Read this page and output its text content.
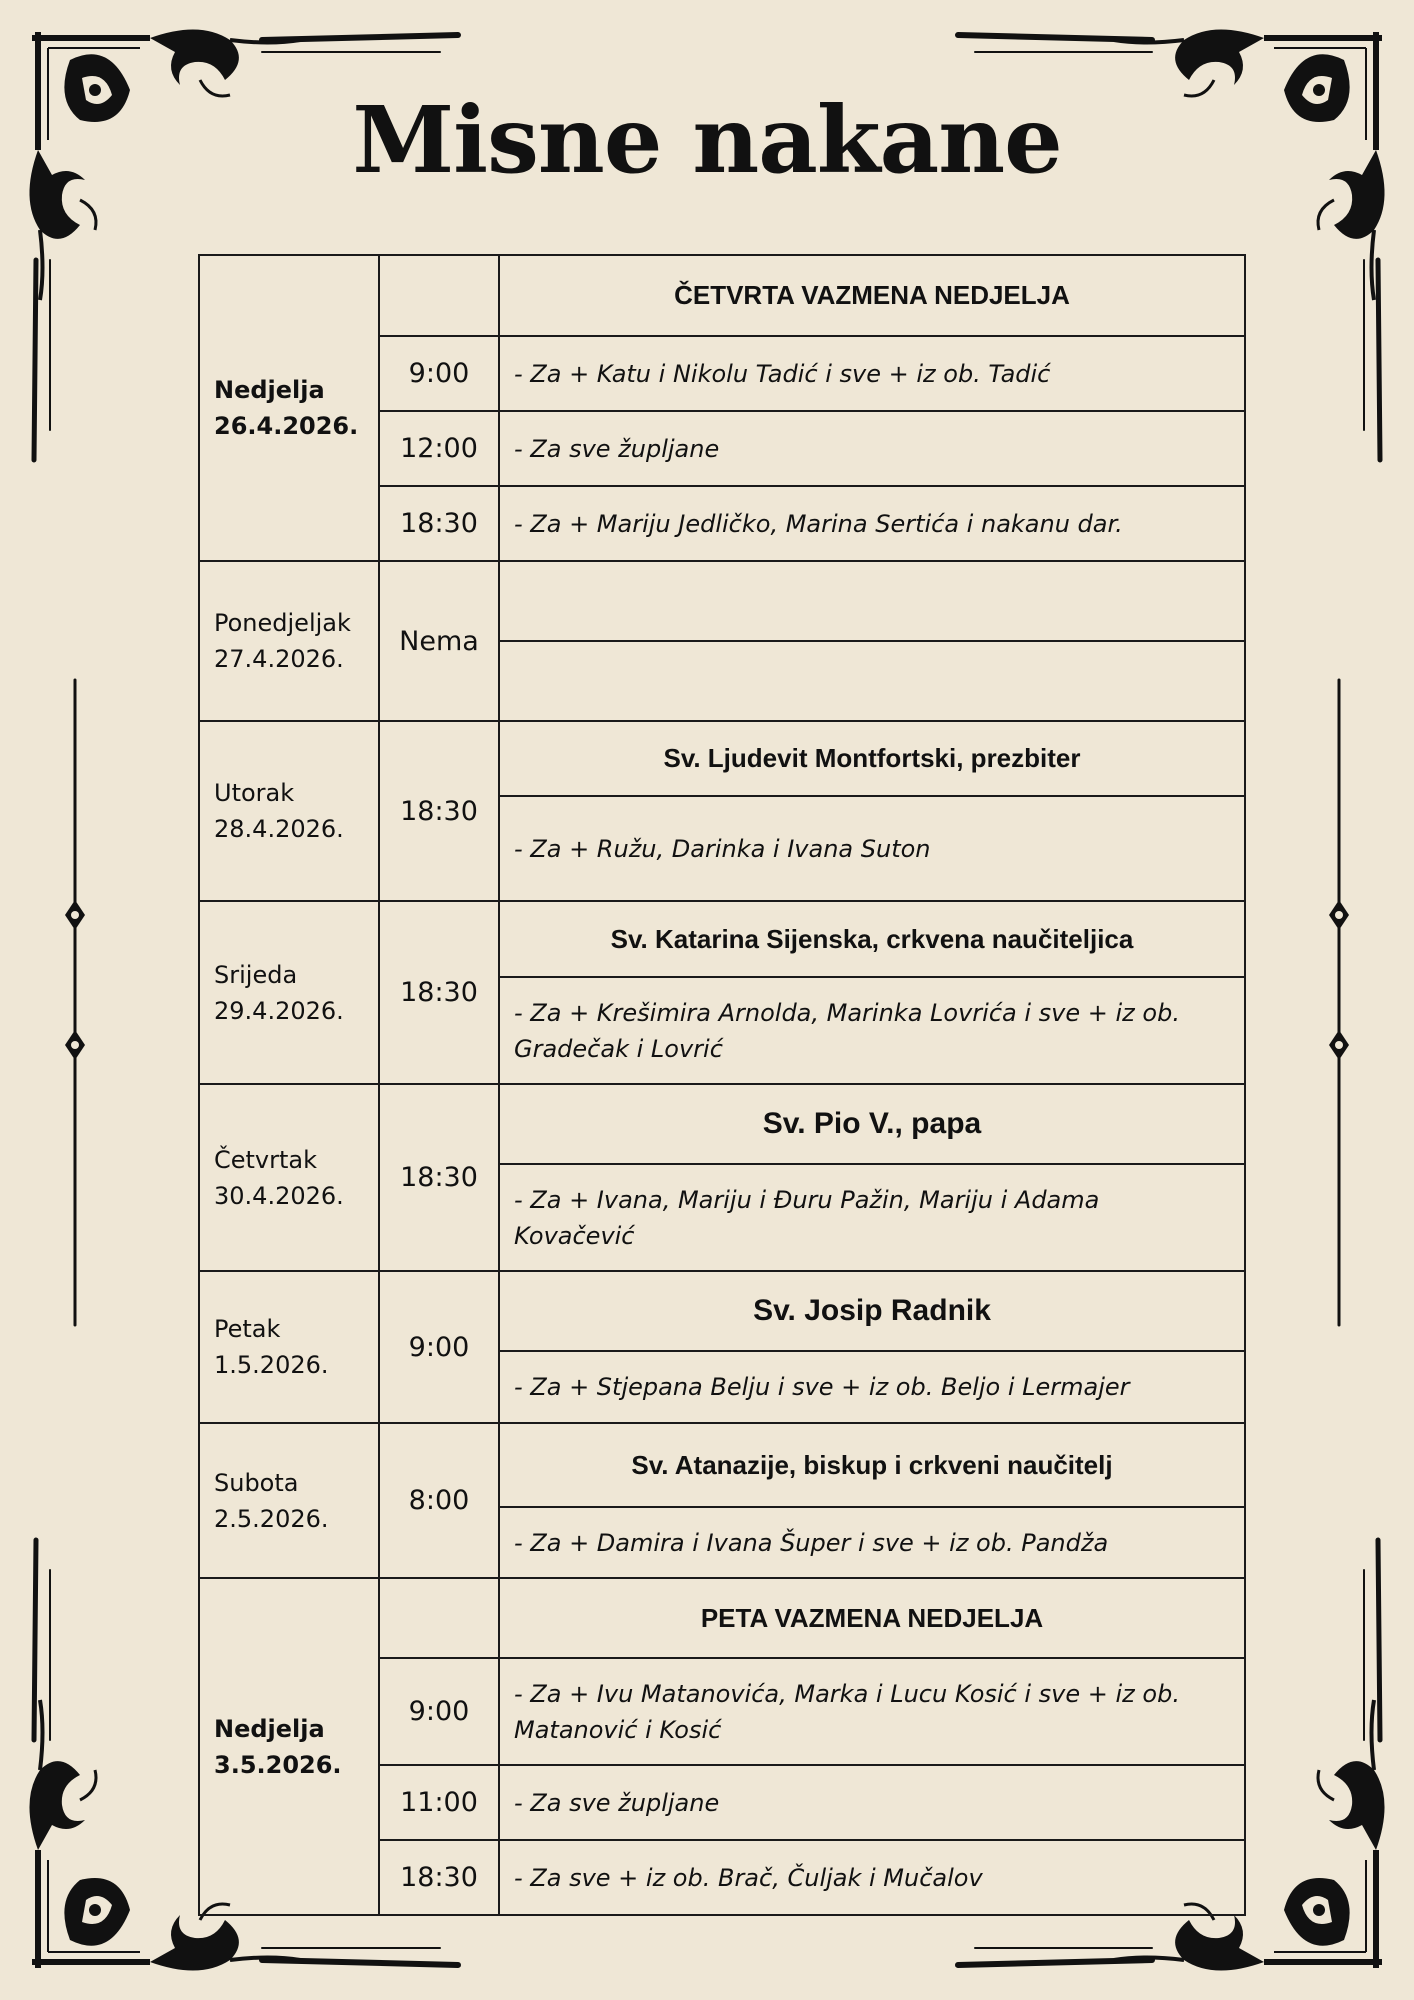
Misne nakane
Nedjelja
26.4.2026.		ČETVRTA VAZMENA NEDJELJA
	9:00	- Za + Katu i Nikolu Tadić i sve + iz ob. Tadić
	12:00	- Za sve župljane
	18:30	- Za + Mariju Jedličko, Marina Sertića i nakanu dar.
Ponedjeljak
27.4.2026.	Nema	

Utorak
28.4.2026.	18:30	Sv. Ljudevit Montfortski, prezbiter
		- Za + Ružu, Darinka i Ivana Suton
Srijeda
29.4.2026.	18:30	Sv. Katarina Sijenska, crkvena naučiteljica
		- Za + Krešimira Arnolda, Marinka Lovrića i sve + iz ob.
Gradečak i Lovrić
Četvrtak
30.4.2026.	18:30	Sv. Pio V., papa
		- Za + Ivana, Mariju i Đuru Pažin, Mariju i Adama
Kovačević
Petak
1.5.2026.	9:00	Sv. Josip Radnik
		- Za + Stjepana Belju i sve + iz ob. Beljo i Lermajer
Subota
2.5.2026.	8:00	Sv. Atanazije, biskup i crkveni naučitelj
		- Za + Damira i Ivana Šuper i sve + iz ob. Pandža
Nedjelja
3.5.2026.		PETA VAZMENA NEDJELJA
	9:00	- Za + Ivu Matanovića, Marka i Lucu Kosić i sve + iz ob.
Matanović i Kosić
	11:00	- Za sve župljane
	18:30	- Za sve + iz ob. Brač, Čuljak i Mučalov
